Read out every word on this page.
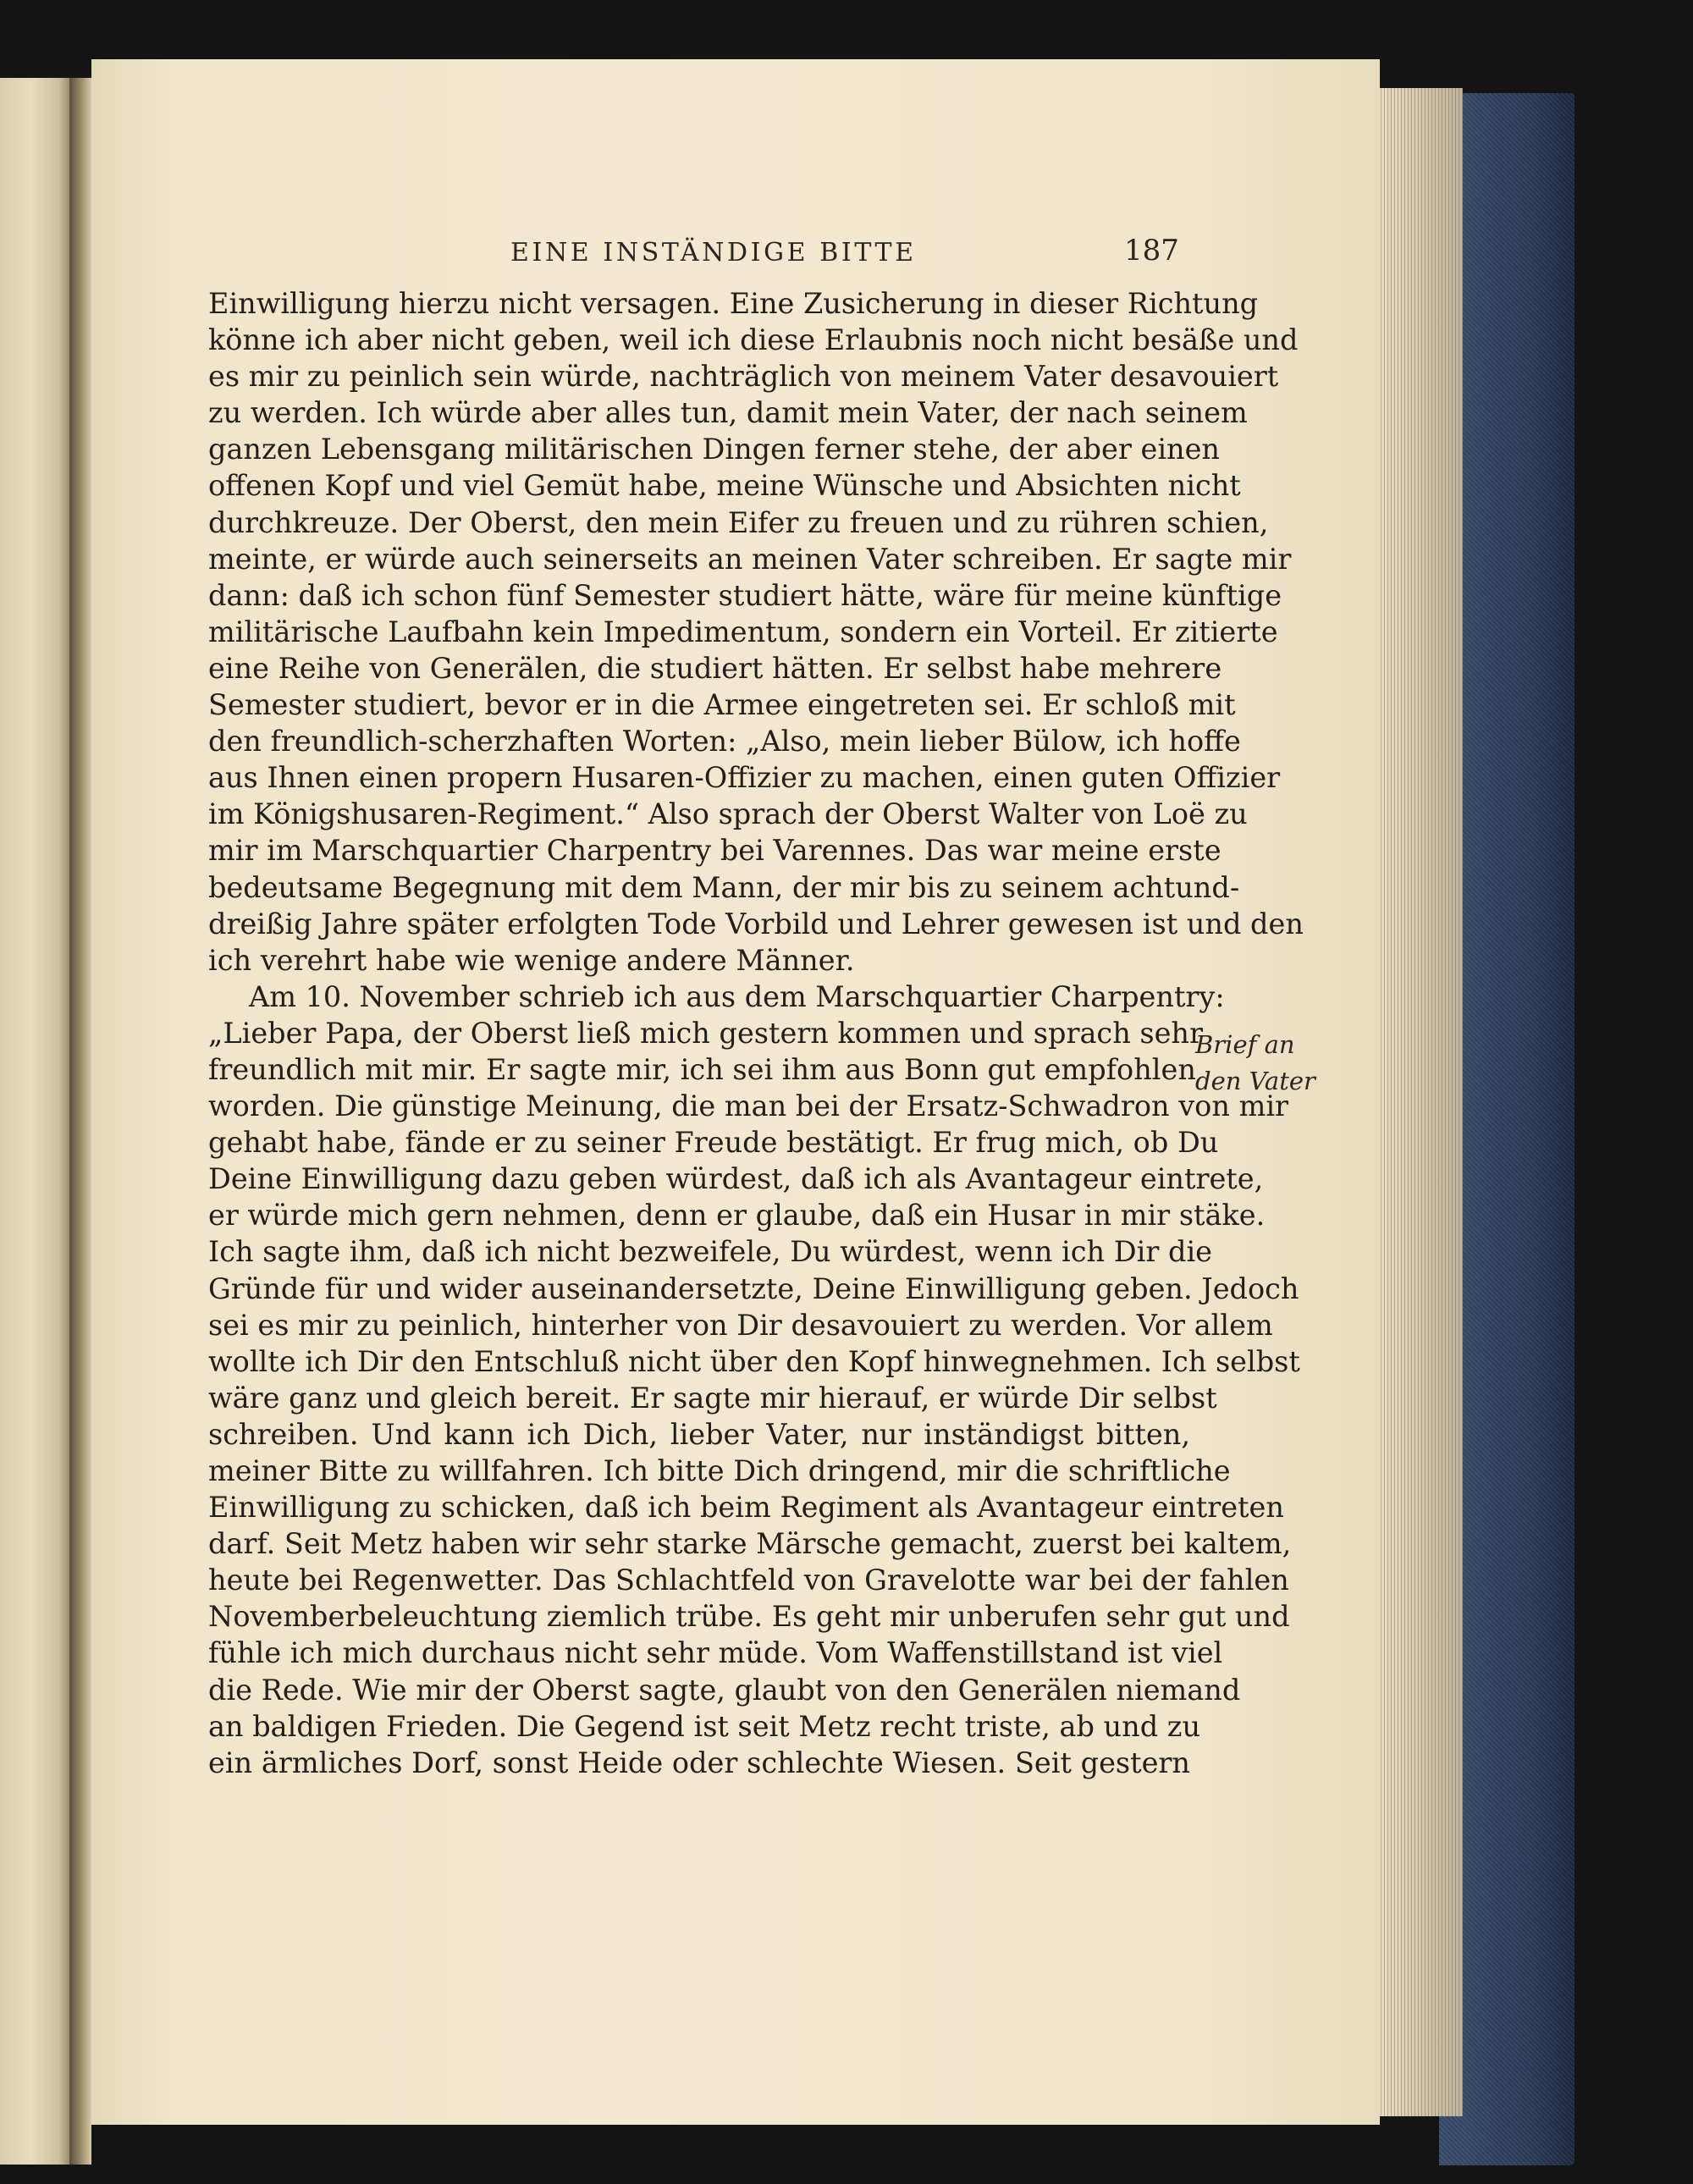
EINE INSTÄNDIGE BITTE	187
Einwilligung hierzu nicht versagen. Eine Zusicherung in dieser Richtung
könne ich aber nicht geben, weil ich diese Erlaubnis noch nicht besäße und
es mir zu peinlich sein würde, nachträglich von meinem Vater desavouiert
zu werden. Ich würde aber alles tun, damit mein Vater, der nach seinem
ganzen Lebensgang militärischen Dingen ferner stehe, der aber einen
offenen Kopf und viel Gemüt habe, meine Wünsche und Absichten nicht
durchkreuze. Der Oberst, den mein Eifer zu freuen und zu rühren schien,
meinte, er würde auch seinerseits an meinen Vater schreiben. Er sagte mir
dann: daß ich schon fünf Semester studiert hätte, wäre für meine künftige
militärische Laufbahn kein Impedimentum, sondern ein Vorteil. Er zitierte
eine Reihe von Generälen, die studiert hätten. Er selbst habe mehrere
Semester studiert, bevor er in die Armee eingetreten sei. Er schloß mit
den freundlich-scherzhaften Worten: „Also, mein lieber Bülow, ich hoffe
aus Ihnen einen propern Husaren-Offizier zu machen, einen guten Offizier
im Königshusaren-Regiment.“ Also sprach der Oberst Walter von Loë zu
mir im Marschquartier Charpentry bei Varennes. Das war meine erste
bedeutsame Begegnung mit dem Mann, der mir bis zu seinem achtund-
dreißig Jahre später erfolgten Tode Vorbild und Lehrer gewesen ist und den
ich verehrt habe wie wenige andere Männer.
Am 10. November schrieb ich aus dem Marschquartier Charpentry:
„Lieber Papa, der Oberst ließ mich gestern kommen und sprach sehr
freundlich mit mir. Er sagte mir, ich sei ihm aus Bonn gut empfohlen
worden. Die günstige Meinung, die man bei der Ersatz-Schwadron von mir
gehabt habe, fände er zu seiner Freude bestätigt. Er frug mich, ob Du
Deine Einwilligung dazu geben würdest, daß ich als Avantageur eintrete,
er würde mich gern nehmen, denn er glaube, daß ein Husar in mir stäke.
Ich sagte ihm, daß ich nicht bezweifele, Du würdest, wenn ich Dir die
Gründe für und wider auseinandersetzte, Deine Einwilligung geben. Jedoch
sei es mir zu peinlich, hinterher von Dir desavouiert zu werden. Vor allem
wollte ich Dir den Entschluß nicht über den Kopf hinwegnehmen. Ich selbst
wäre ganz und gleich bereit. Er sagte mir hierauf, er würde Dir selbst
schreiben. Und kann ich Dich, lieber Vater, nur inständigst bitten,
meiner Bitte zu willfahren. Ich bitte Dich dringend, mir die schriftliche
Einwilligung zu schicken, daß ich beim Regiment als Avantageur eintreten
darf. Seit Metz haben wir sehr starke Märsche gemacht, zuerst bei kaltem,
heute bei Regenwetter. Das Schlachtfeld von Gravelotte war bei der fahlen
Novemberbeleuchtung ziemlich trübe. Es geht mir unberufen sehr gut und
fühle ich mich durchaus nicht sehr müde. Vom Waffenstillstand ist viel
die Rede. Wie mir der Oberst sagte, glaubt von den Generälen niemand
an baldigen Frieden. Die Gegend ist seit Metz recht triste, ab und zu
ein ärmliches Dorf, sonst Heide oder schlechte Wiesen. Seit gestern
Brief an
den Vater
